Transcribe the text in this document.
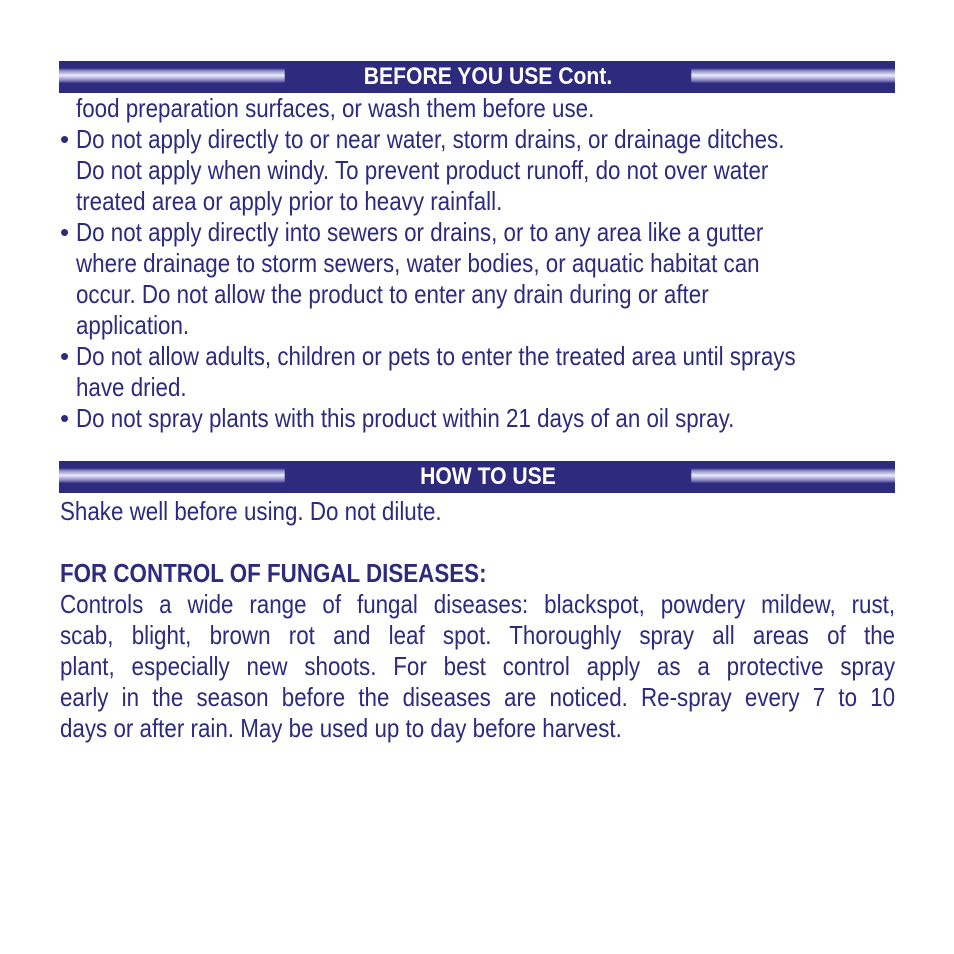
BEFORE YOU USE Cont.

food preparation surfaces, or wash them before use.

• Do not apply directly to or near water, storm drains, or drainage ditches.
Do not apply when windy. To prevent product runoff, do not over water
treated area or apply prior to heavy rainfall.
• Do not apply directly into sewers or drains, or to any area like a gutter
where drainage to storm sewers, water bodies, or aquatic habitat can
occur. Do not allow the product to enter any drain during or after
application.
• Do not allow adults, children or pets to enter the treated area until sprays
have dried.
• Do not spray plants with this product within 21 days of an oil spray.
HOW TO USE

Shake well before using. Do not dilute.

FOR CONTROL OF FUNGAL DISEASES:

Controls a wide range of fungal diseases: blackspot, powdery mildew, rust,
scab, blight, brown rot and leaf spot. Thoroughly spray all areas of the
plant, especially new shoots. For best control apply as a protective spray
early in the season before the diseases are noticed. Re-spray every 7 to 10
days or after rain. May be used up to day before harvest.
